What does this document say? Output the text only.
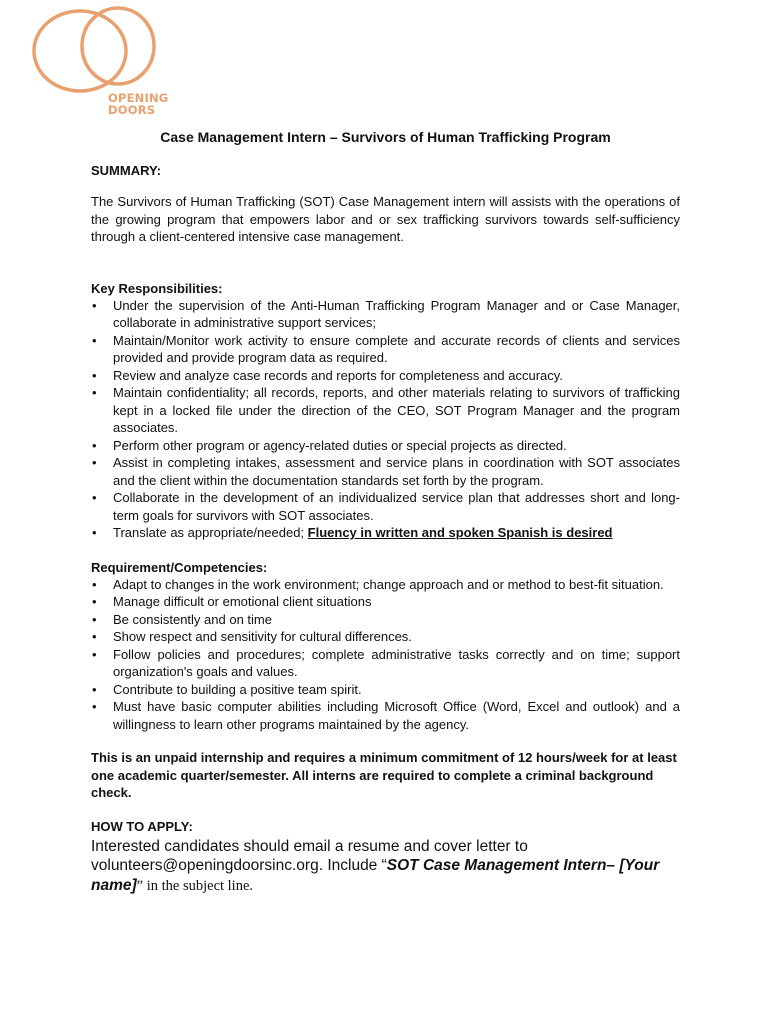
OPENING
DOORS
Case Management Intern – Survivors of Human Trafficking Program
SUMMARY:

The Survivors of Human Trafficking (SOT) Case Management intern will assists with the operations of the growing program that empowers labor and or sex trafficking survivors towards self-sufficiency through a client-centered intensive case management.

Key Responsibilities:
• Under the supervision of the Anti-Human Trafficking Program Manager and or Case Manager, collaborate in administrative support services;
• Maintain/Monitor work activity to ensure complete and accurate records of clients and services provided and provide program data as required.
• Review and analyze case records and reports for completeness and accuracy.
• Maintain confidentiality; all records, reports, and other materials relating to survivors of trafficking kept in a locked file under the direction of the CEO, SOT Program Manager and the program associates.
• Perform other program or agency-related duties or special projects as directed.
• Assist in completing intakes, assessment and service plans in coordination with SOT associates and the client within the documentation standards set forth by the program.
• Collaborate in the development of an individualized service plan that addresses short and long-term goals for survivors with SOT associates.
• Translate as appropriate/needed; Fluency in written and spoken Spanish is desired
Requirement/Competencies:
• Adapt to changes in the work environment; change approach and or method to best-fit situation.
• Manage difficult or emotional client situations
• Be consistently and on time
• Show respect and sensitivity for cultural differences.
• Follow policies and procedures; complete administrative tasks correctly and on time; support organization's goals and values.
• Contribute to building a positive team spirit.
• Must have basic computer abilities including Microsoft Office (Word, Excel and outlook) and a willingness to learn other programs maintained by the agency.

This is an unpaid internship and requires a minimum commitment of 12 hours/week for at least one academic quarter/semester. All interns are required to complete a criminal background check.

HOW TO APPLY:

Interested candidates should email a resume and cover letter to volunteers@openingdoorsinc.org. Include “SOT Case Management Intern– [Your name]” in the subject line.
